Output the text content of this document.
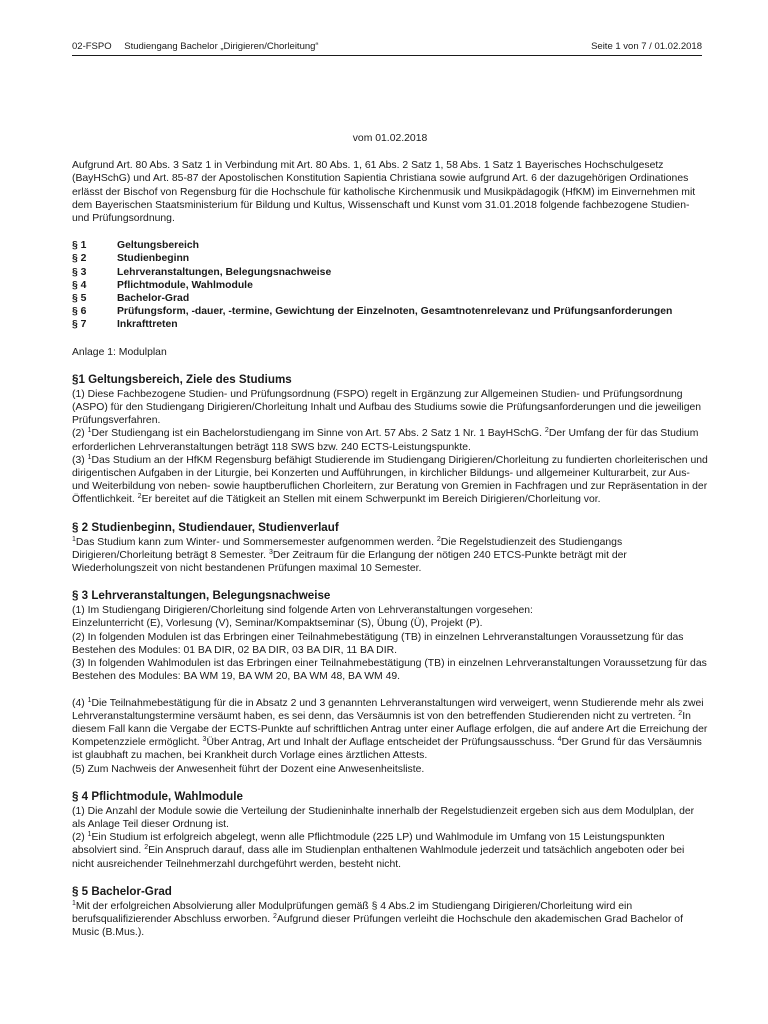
02-FSPO Studiengang Bachelor „Dirigieren/Chorleitung“	Seite 1 von 7 / 01.02.2018

vom 01.02.2018

Aufgrund Art. 80 Abs. 3 Satz 1 in Verbindung mit Art. 80 Abs. 1, 61 Abs. 2 Satz 1, 58 Abs. 1 Satz 1 Bayerisches Hochschulgesetz (BayHSchG) und Art. 85-87 der Apostolischen Konstitution Sapientia Christiana sowie aufgrund Art. 6 der dazugehörigen Ordinationes erlässt der Bischof von Regensburg für die Hochschule für katholische Kirchenmusik und Musikpädagogik (HfKM) im Einvernehmen mit dem Bayerischen Staatsministerium für Bildung und Kultus, Wissenschaft und Kunst vom 31.01.2018 folgende fachbezogene Studien- und Prüfungsordnung.

§ 1	Geltungsbereich
§ 2	Studienbeginn
§ 3	Lehrveranstaltungen, Belegungsnachweise
§ 4	Pflichtmodule, Wahlmodule
§ 5	Bachelor-Grad
§ 6	Prüfungsform, -dauer, -termine, Gewichtung der Einzelnoten, Gesamtnotenrelevanz und Prüfungsanforderungen
§ 7	Inkrafttreten

Anlage 1: Modulplan

§1 Geltungsbereich, Ziele des Studiums

(1) Diese Fachbezogene Studien- und Prüfungsordnung (FSPO) regelt in Ergänzung zur Allgemeinen Studien- und Prüfungsordnung (ASPO) für den Studiengang Dirigieren/Chorleitung Inhalt und Aufbau des Studiums sowie die Prüfungsanforderungen und die jeweiligen Prüfungsverfahren.

(2) $^1$Der Studiengang ist ein Bachelorstudiengang im Sinne von Art. 57 Abs. 2 Satz 1 Nr. 1 BayHSchG. $^2$Der Umfang der für das Studium erforderlichen Lehrveranstaltungen beträgt 118 SWS bzw. 240 ECTS-Leistungspunkte.

(3) $^1$Das Studium an der HfKM Regensburg befähigt Studierende im Studiengang Dirigieren/Chorleitung zu fundierten chorleiterischen und dirigentischen Aufgaben in der Liturgie, bei Konzerten und Aufführungen, in kirchlicher Bildungs- und allgemeiner Kulturarbeit, zur Aus- und Weiterbildung von neben- sowie hauptberuflichen Chorleitern, zur Beratung von Gremien in Fachfragen und zur Repräsentation in der Öffentlichkeit. $^2$Er bereitet auf die Tätigkeit an Stellen mit einem Schwerpunkt im Bereich Dirigieren/Chorleitung vor.

§ 2 Studienbeginn, Studiendauer, Studienverlauf

$^1$Das Studium kann zum Winter- und Sommersemester aufgenommen werden. $^2$Die Regelstudienzeit des Studiengangs Dirigieren/Chorleitung beträgt 8 Semester. $^3$Der Zeitraum für die Erlangung der nötigen 240 ETCS-Punkte beträgt mit der Wiederholungszeit von nicht bestandenen Prüfungen maximal 10 Semester.

§ 3 Lehrveranstaltungen, Belegungsnachweise

(1) Im Studiengang Dirigieren/Chorleitung sind folgende Arten von Lehrveranstaltungen vorgesehen:

Einzelunterricht (E), Vorlesung (V), Seminar/Kompaktseminar (S), Übung (Ü), Projekt (P).

(2) In folgenden Modulen ist das Erbringen einer Teilnahmebestätigung (TB) in einzelnen Lehrveranstaltungen Voraussetzung für das Bestehen des Modules: 01 BA DIR, 02 BA DIR, 03 BA DIR, 11 BA DIR.

(3) In folgenden Wahlmodulen ist das Erbringen einer Teilnahmebestätigung (TB) in einzelnen Lehrveranstaltungen Voraussetzung für das Bestehen des Modules: BA WM 19, BA WM 20, BA WM 48, BA WM 49.

(4) $^1$Die Teilnahmebestätigung für die in Absatz 2 und 3 genannten Lehrveranstaltungen wird verweigert, wenn Studierende mehr als zwei Lehrveranstaltungstermine versäumt haben, es sei denn, das Versäumnis ist von den betreffenden Studierenden nicht zu vertreten. $^2$In diesem Fall kann die Vergabe der ECTS-Punkte auf schriftlichen Antrag unter einer Auflage erfolgen, die auf andere Art die Erreichung der Kompetenzziele ermöglicht. $^3$Über Antrag, Art und Inhalt der Auflage entscheidet der Prüfungsausschuss. $^4$Der Grund für das Versäumnis ist glaubhaft zu machen, bei Krankheit durch Vorlage eines ärztlichen Attests.

(5) Zum Nachweis der Anwesenheit führt der Dozent eine Anwesenheitsliste.

§ 4 Pflichtmodule, Wahlmodule

(1) Die Anzahl der Module sowie die Verteilung der Studieninhalte innerhalb der Regelstudienzeit ergeben sich aus dem Modulplan, der als Anlage Teil dieser Ordnung ist.

(2) $^1$Ein Studium ist erfolgreich abgelegt, wenn alle Pflichtmodule (225 LP) und Wahlmodule im Umfang von 15 Leistungspunkten absolviert sind. $^2$Ein Anspruch darauf, dass alle im Studienplan enthaltenen Wahlmodule jederzeit und tatsächlich angeboten oder bei nicht ausreichender Teilnehmerzahl durchgeführt werden, besteht nicht.

§ 5 Bachelor-Grad

$^1$Mit der erfolgreichen Absolvierung aller Modulprüfungen gemäß § 4 Abs.2 im Studiengang Dirigieren/Chorleitung wird ein berufsqualifizierender Abschluss erworben. $^2$Aufgrund dieser Prüfungen verleiht die Hochschule den akademischen Grad Bachelor of Music (B.Mus.).
